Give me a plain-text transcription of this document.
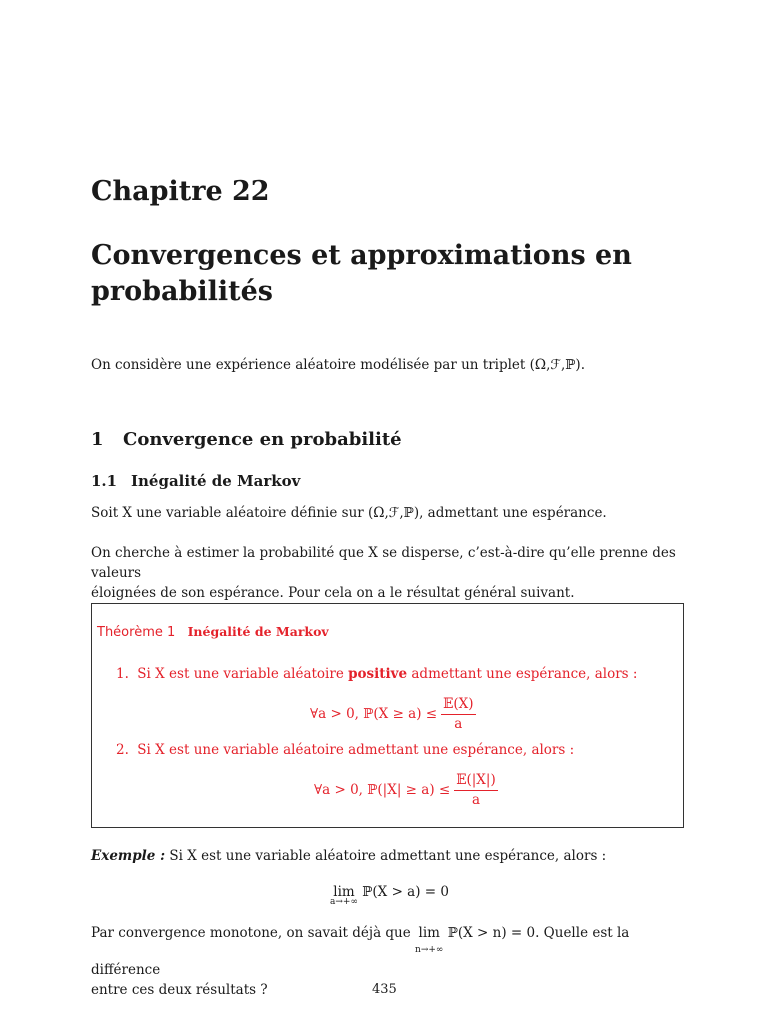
Chapitre 22
Convergences et approximations en
probabilités

On considère une expérience aléatoire modélisée par un triplet (Ω,ℱ,ℙ).

1 Convergence en probabilité
1.1 Inégalité de Markov

Soit X une variable aléatoire définie sur (Ω,ℱ,ℙ), admettant une espérance.

On cherche à estimer la probabilité que X se disperse, c’est-à-dire qu’elle prenne des valeurs
éloignées de son espérance. Pour cela on a le résultat général suivant.

Théorème 1 Inégalité de Markov
1. Si X est une variable aléatoire positive admettant une espérance, alors :
∀a > 0, ℙ(X ≥ $a) \le \frac{\text{𝔼(X)}}{a}$
2. Si X est une variable aléatoire admettant une espérance, alors :
∀a > 0, ℙ(|X| ≥ $a) \le \frac{\text{𝔼(|X|)}}{a}$

Exemple : Si X est une variable aléatoire admettant une espérance, alors :

lim
a→+∞
ℙ(X > a) = 0
Par convergence monotone, on savait déjà que lim
n→+∞
ℙ(X > n) = 0. Quelle est la différence
entre ces deux résultats ?	435
